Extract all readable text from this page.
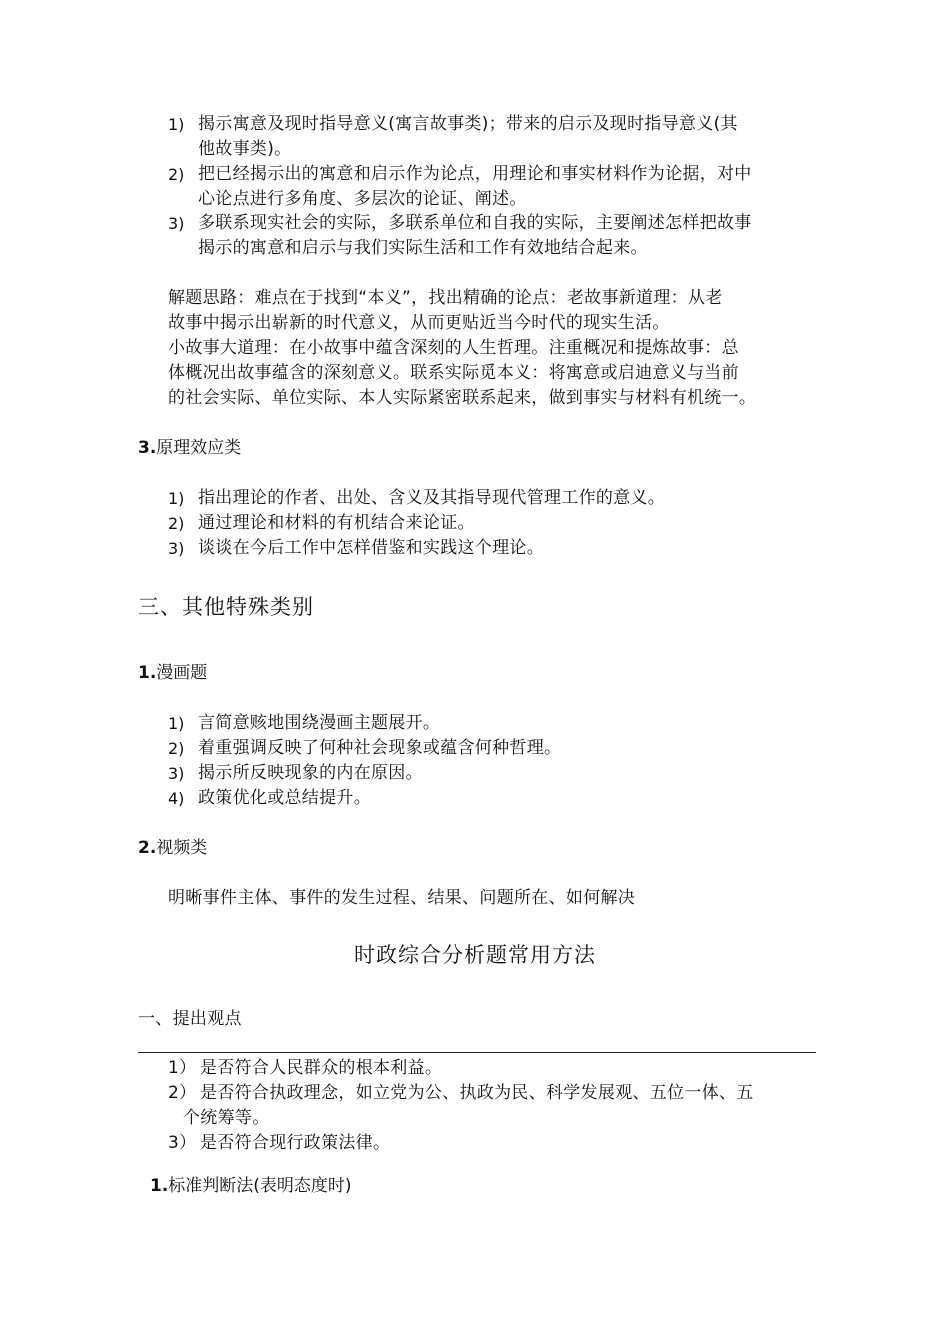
1) 揭示寓意及现时指导意义(寓言故事类)；带来的启示及现时指导意义(其
他故事类)。
2) 把已经揭示出的寓意和启示作为论点，用理论和事实材料作为论据，对中
心论点进行多角度、多层次的论证、阐述。
3) 多联系现实社会的实际，多联系单位和自我的实际，主要阐述怎样把故事
揭示的寓意和启示与我们实际生活和工作有效地结合起来。
解题思路：难点在于找到“本义”，找出精确的论点：老故事新道理：从老
故事中揭示出崭新的时代意义，从而更贴近当今时代的现实生活。
小故事大道理：在小故事中蕴含深刻的人生哲理。注重概况和提炼故事：总
体概况出故事蕴含的深刻意义。联系实际觅本义：将寓意或启迪意义与当前
的社会实际、单位实际、本人实际紧密联系起来，做到事实与材料有机统一。
3.原理效应类
1) 指出理论的作者、出处、含义及其指导现代管理工作的意义。
2) 通过理论和材料的有机结合来论证。
3) 谈谈在今后工作中怎样借鉴和实践这个理论。
三、其他特殊类别
1.漫画题
1) 言简意赅地围绕漫画主题展开。
2) 着重强调反映了何种社会现象或蕴含何种哲理。
3) 揭示所反映现象的内在原因。
4) 政策优化或总结提升。
2.视频类
明晰事件主体、事件的发生过程、结果、问题所在、如何解决
时政综合分析题常用方法
一、提出观点
1） 是否符合人民群众的根本利益。
2） 是否符合执政理念，如立党为公、执政为民、科学发展观、五位一体、五
个统筹等。
3） 是否符合现行政策法律。
1.标准判断法(表明态度时)
